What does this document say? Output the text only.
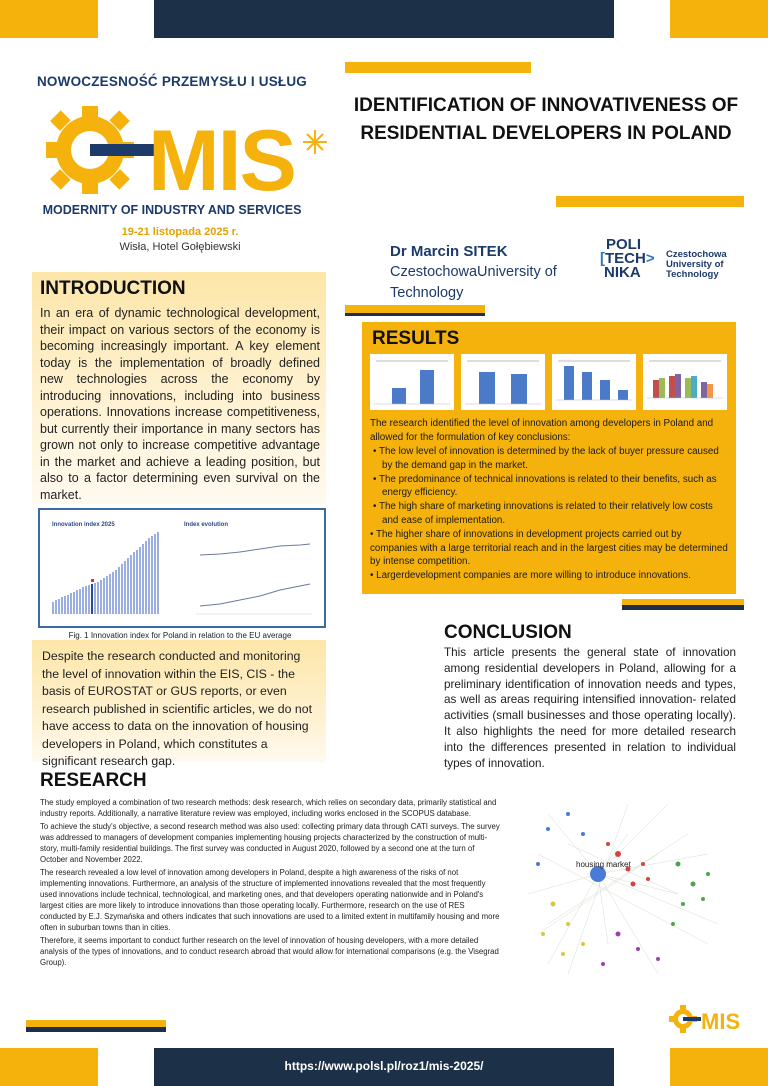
NOWOCZESNOŚĆ PRZEMYSŁU I USŁUG
MIS
MODERNITY OF INDUSTRY AND SERVICES
19-21 listopada 2025 r.
Wisła, Hotel Gołębiewski
IDENTIFICATION OF INNOVATIVENESS OF RESIDENTIAL DEVELOPERS IN POLAND
Dr Marcin SITEK
CzestochowaUniversity of Technology
POLI
[TECH>
NIKA
Czestochowa University of Technology
INTRODUCTION
In an era of dynamic technological development, their impact on various sectors of the economy is becoming increasingly important. A key element today is the implementation of broadly defined new technologies across the economy by introducing innovations, including into business operations. Innovations increase competitiveness, but currently their importance in many sectors has grown not only to increase competitive advantage in the market and achieve a leading position, but also to a factor determining even survival on the market.
Innovation index 2025	Index evolution
Fig. 1 Innovation index for Poland in relation to the EU average
Despite the research conducted and monitoring the level of innovation within the EIS, CIS - the basis of EUROSTAT or GUS reports, or even research published in scientific articles, we do not have access to data on the innovation of housing developers in Poland, which constitutes a significant research gap.
RESULTS
The research identified the level of innovation among developers in Poland and allowed for the formulation of key conclusions:
• The low level of innovation is determined by the lack of buyer pressure caused by the demand gap in the market.
• The predominance of technical innovations is related to their benefits, such as energy efficiency.
• The high share of marketing innovations is related to their relatively low costs and ease of implementation.
• The higher share of innovations in development projects carried out by companies with a large territorial reach and in the largest cities may be determined by intense competition.
• Largerdevelopment companies are more willing to introduce innovations.
CONCLUSION
This article presents the general state of innovation among residential developers in Poland, allowing for a preliminary identification of innovation needs and types, as well as areas requiring intensified innovation- related activities (small businesses and those operating locally). It also highlights the need for more detailed research into the differences presented in relation to individual types of innovation.
RESEARCH

The study employed a combination of two research methods: desk research, which relies on secondary data, primarily statistical and industry reports. Additionally, a narrative literature review was employed, including works enclosed in the SCOPUS database.

To achieve the study's objective, a second research method was also used: collecting primary data through CATI surveys. The survey was addressed to managers of development companies implementing housing projects characterized by the construction of multi-story, multi-family residential buildings. The first survey was conducted in August 2020, followed by a second one at the turn of October and November 2022.

The research revealed a low level of innovation among developers in Poland, despite a high awareness of the risks of not implementing innovations. Furthermore, an analysis of the structure of implemented innovations revealed that the most frequently used innovations include technical, technological, and marketing ones, and that developers operating nationwide and in Poland's largest cities are more likely to introduce innovations than those operating locally. Furthermore, research on the use of RES conducted by E.J. Szymańska and others indicates that such innovations are used to a limited extent in multifamily housing and more often in suburban towns than in cities.

Therefore, it seems important to conduct further research on the level of innovation of housing developers, with a more detailed analysis of the types of innovations, and to conduct research abroad that would allow for international comparisons (e.g. the Visegrad Group).

housing market
MIS
https://www.polsl.pl/roz1/mis-2025/
